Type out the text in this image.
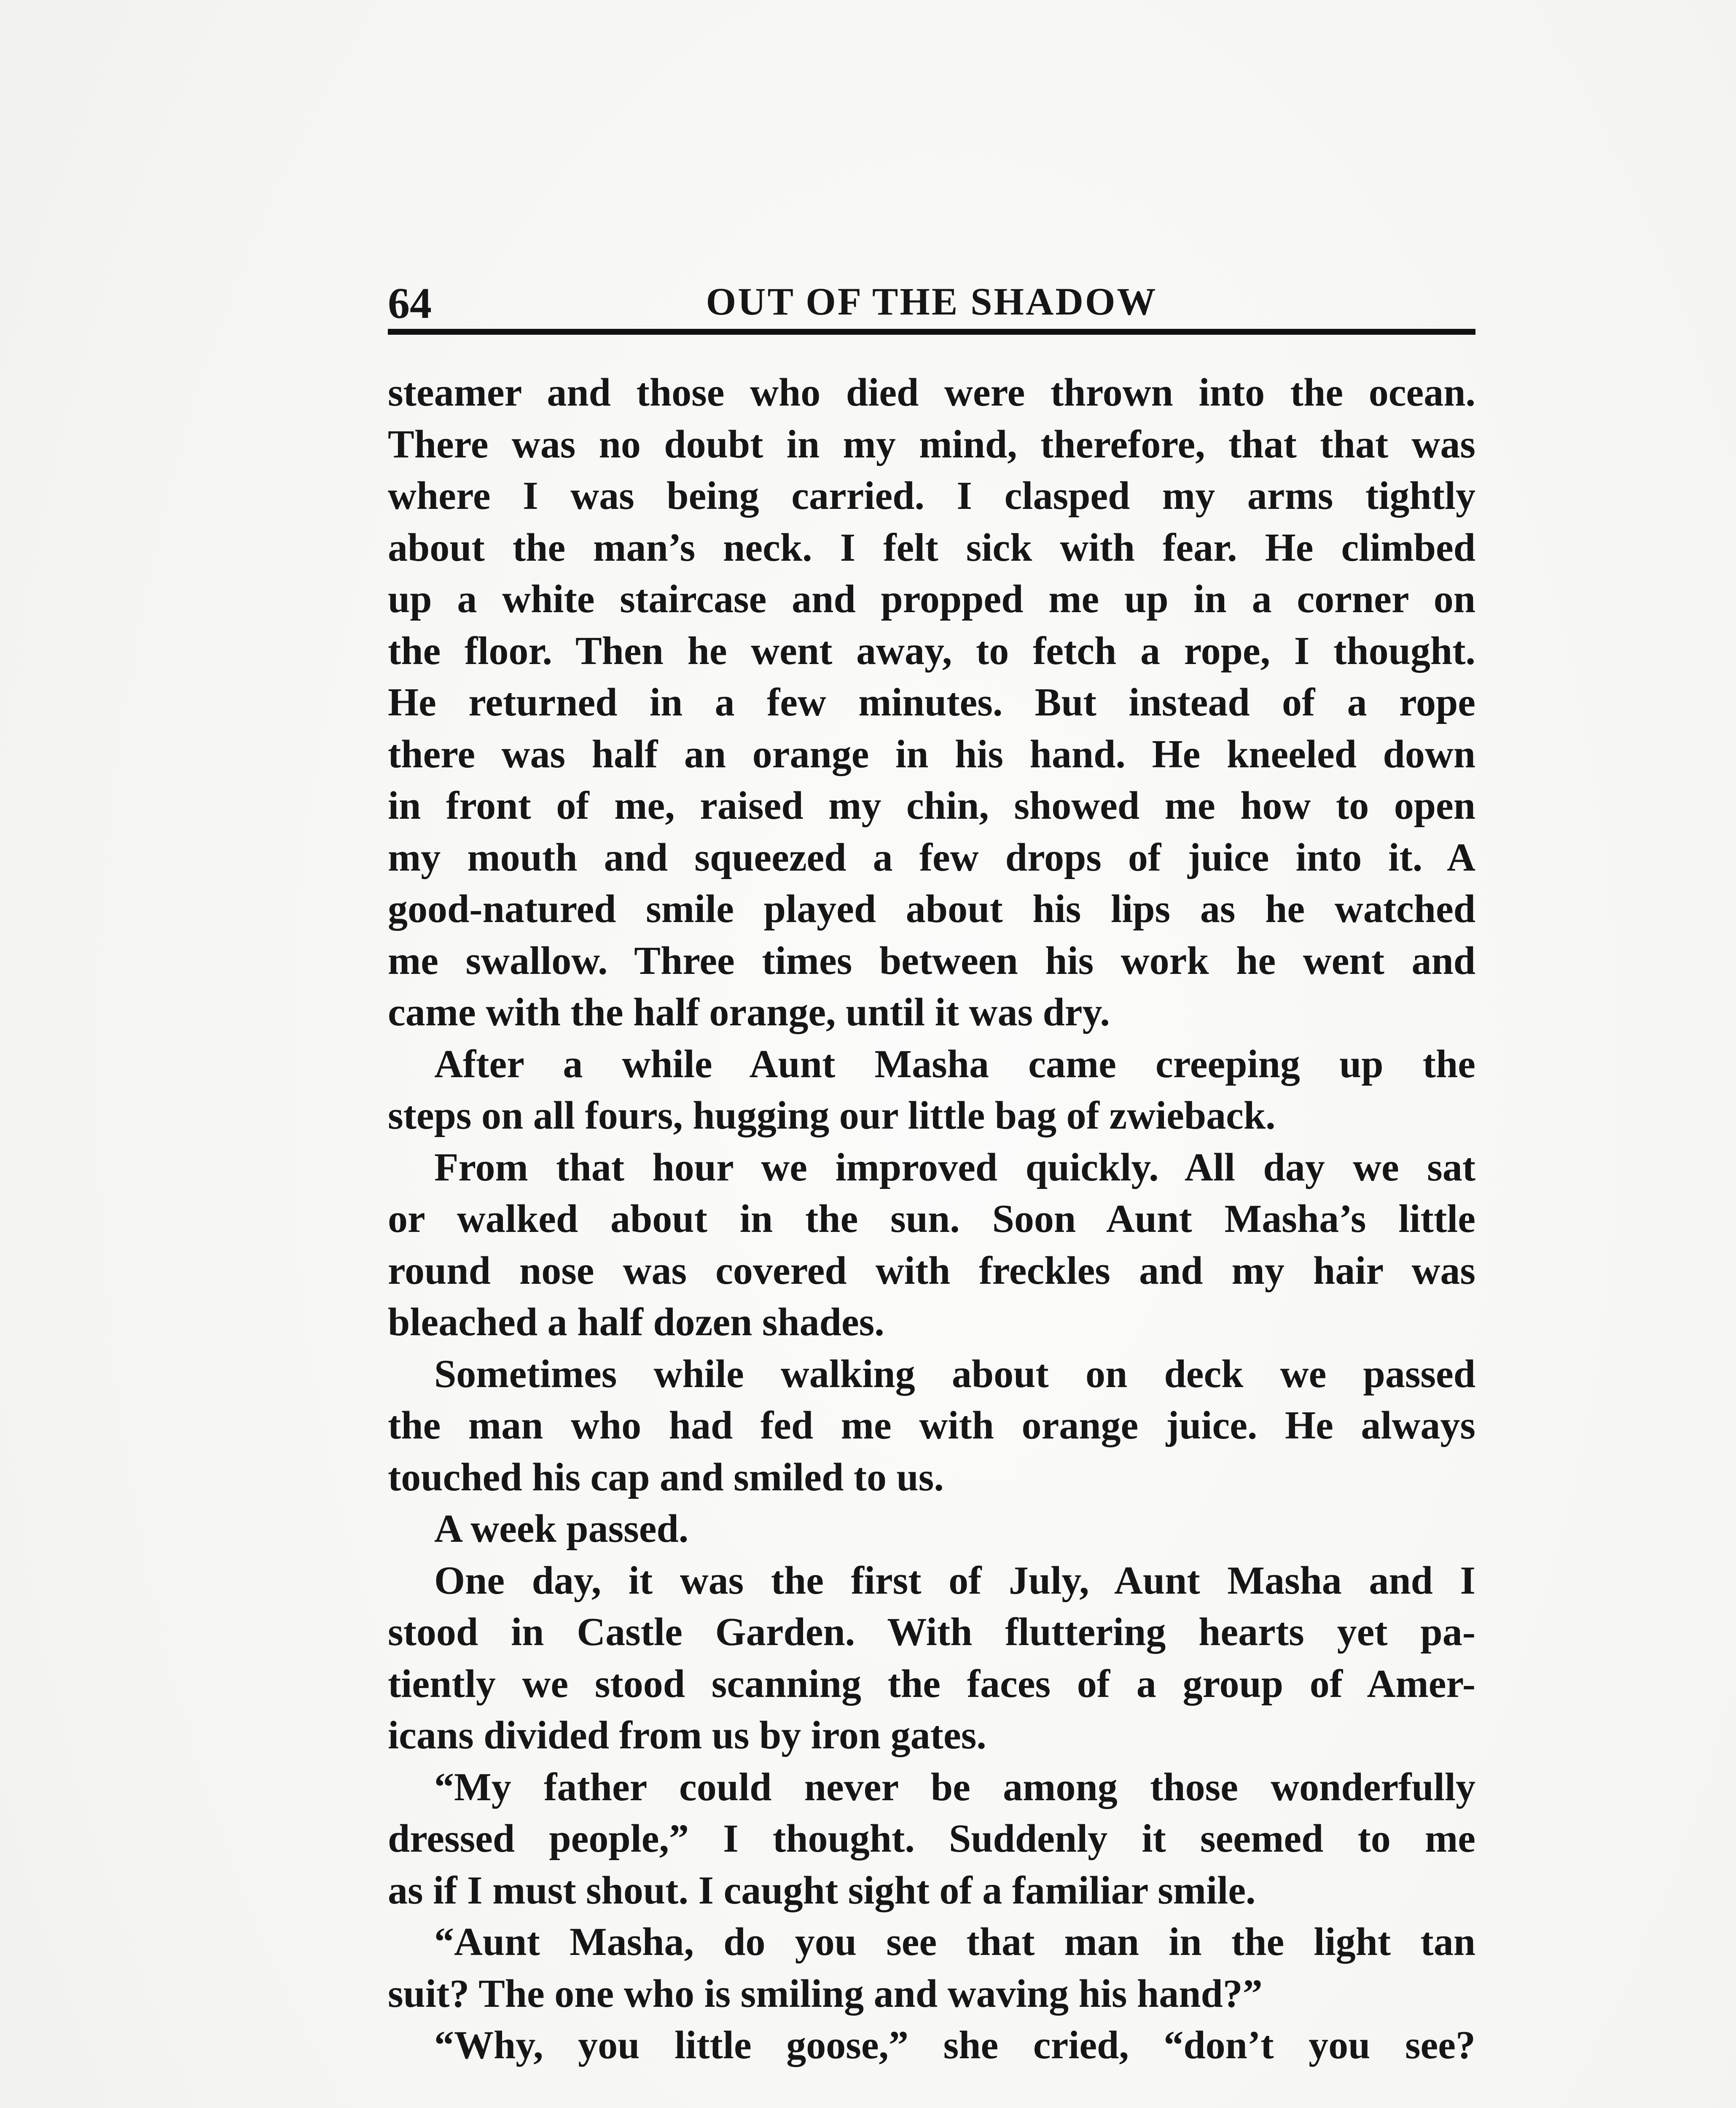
64	OUT OF THE SHADOW
steamer and those who died were thrown into the ocean.
There was no doubt in my mind, therefore, that that was
where I was being carried. I clasped my arms tightly
about the man’s neck. I felt sick with fear. He climbed
up a white staircase and propped me up in a corner on
the floor. Then he went away, to fetch a rope, I thought.
He returned in a few minutes. But instead of a rope
there was half an orange in his hand. He kneeled down
in front of me, raised my chin, showed me how to open
my mouth and squeezed a few drops of juice into it. A
good-natured smile played about his lips as he watched
me swallow. Three times between his work he went and
came with the half orange, until it was dry.
After a while Aunt Masha came creeping up the
steps on all fours, hugging our little bag of zwieback.
From that hour we improved quickly. All day we sat
or walked about in the sun. Soon Aunt Masha’s little
round nose was covered with freckles and my hair was
bleached a half dozen shades.
Sometimes while walking about on deck we passed
the man who had fed me with orange juice. He always
touched his cap and smiled to us.
A week passed.
One day, it was the first of July, Aunt Masha and I
stood in Castle Garden. With fluttering hearts yet pa-
tiently we stood scanning the faces of a group of Amer-
icans divided from us by iron gates.
“My father could never be among those wonderfully
dressed people,” I thought. Suddenly it seemed to me
as if I must shout. I caught sight of a familiar smile.
“Aunt Masha, do you see that man in the light tan
suit? The one who is smiling and waving his hand?”
“Why, you little goose,” she cried, “don’t you see?
